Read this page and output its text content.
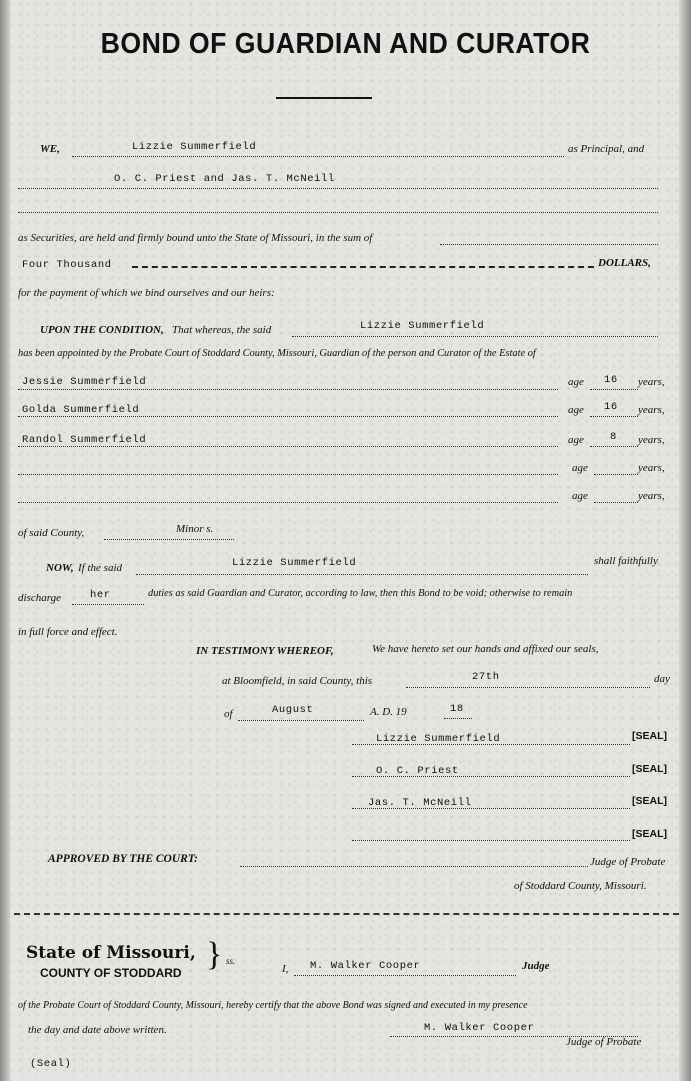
BOND OF GUARDIAN AND CURATOR
WE,	Lizzie Summerfield	as Principal, and
O. C. Priest and Jas. T. McNeill
as Securities, are held and firmly bound unto the State of Missouri, in the sum of
Four Thousand	DOLLARS,
for the payment of which we bind ourselves and our heirs:
UPON THE CONDITION, That whereas, the said	Lizzie Summerfield
has been appointed by the Probate Court of Stoddard County, Missouri, Guardian of the person and Curator of the Estate of
Jessie Summerfield	age 16 years,
Golda Summerfield	age 16 years,
Randol Summerfield	age 8 years,
age	years,
age	years,
of said County,	Minor s.
NOW, If the said	Lizzie Summerfield	shall faithfully
discharge	her	duties as said Guardian and Curator, according to law, then this Bond to be void; otherwise to remain
in full force and effect.
IN TESTIMONY WHEREOF,	We have hereto set our hands and affixed our seals,
at Bloomfield, in said County, this	27th	day
of	August	A. D. 19	18
Lizzie Summerfield	[SEAL]
O. C. Priest	[SEAL]
Jas. T. McNeill	[SEAL]
[SEAL]
APPROVED BY THE COURT:	Judge of Probate
of Stoddard County, Missouri.
State of Missouri, } ss.
COUNTY OF STODDARD	I, M. Walker Cooper	Judge
of the Probate Court of Stoddard County, Missouri, hereby certify that the above Bond was signed and executed in my presence
the day and date above written.	M. Walker Cooper
Judge of Probate
(Seal)
